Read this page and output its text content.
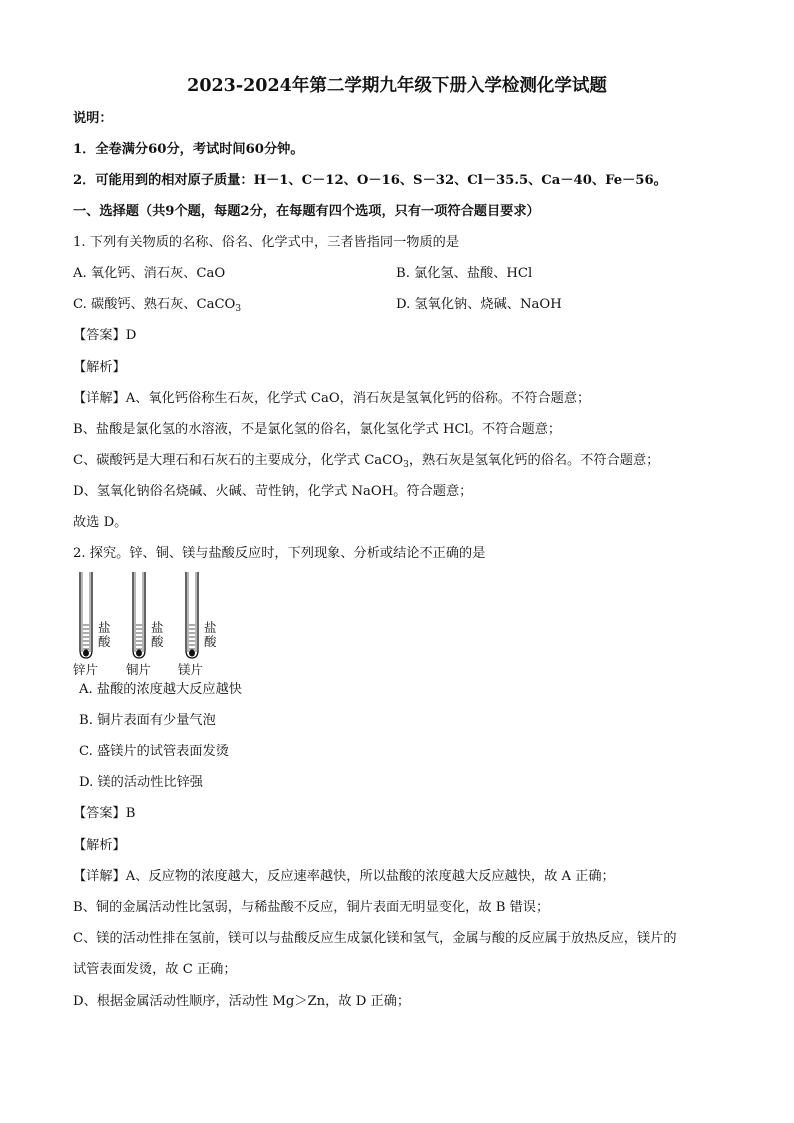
2023-2024年第二学期九年级下册入学检测化学试题
说明：
1．全卷满分60分，考试时间60分钟。
2．可能用到的相对原子质量：H－1、C－12、O－16、S－32、Cl－35.5、Ca－40、Fe－56。
一、选择题（共9个题，每题2分，在每题有四个选项，只有一项符合题目要求）
1. 下列有关物质的名称、俗名、化学式中，三者皆指同一物质的是
A. 氧化钙、消石灰、CaO	B. 氯化氢、盐酸、HCl
C. 碳酸钙、熟石灰、CaCO$_3$	D. 氢氧化钠、烧碱、NaOH
【答案】D
【解析】
【详解】A、氧化钙俗称生石灰，化学式 CaO，消石灰是氢氧化钙的俗称。不符合题意；
B、盐酸是氯化氢的水溶液，不是氯化氢的俗名，氯化氢化学式 HCl。不符合题意；
C、碳酸钙是大理石和石灰石的主要成分，化学式 CaCO$_3$，熟石灰是氢氧化钙的俗名。不符合题意；
D、氢氧化钠俗名烧碱、火碱、苛性钠，化学式 NaOH。符合题意；
故选 D。
2. 探究。锌、铜、镁与盐酸反应时，下列现象、分析或结论不正确的是
盐
酸
盐
酸
盐
酸
锌片 铜片 镁片
A. 盐酸的浓度越大反应越快
B. 铜片表面有少量气泡
C. 盛镁片的试管表面发烫
D. 镁的活动性比锌强
【答案】B
【解析】
【详解】A、反应物的浓度越大，反应速率越快，所以盐酸的浓度越大反应越快，故 A 正确；
B、铜的金属活动性比氢弱，与稀盐酸不反应，铜片表面无明显变化，故 B 错误；
C、镁的活动性排在氢前，镁可以与盐酸反应生成氯化镁和氢气，金属与酸的反应属于放热反应，镁片的
试管表面发烫，故 C 正确；
D、根据金属活动性顺序，活动性 Mg＞Zn，故 D 正确；
